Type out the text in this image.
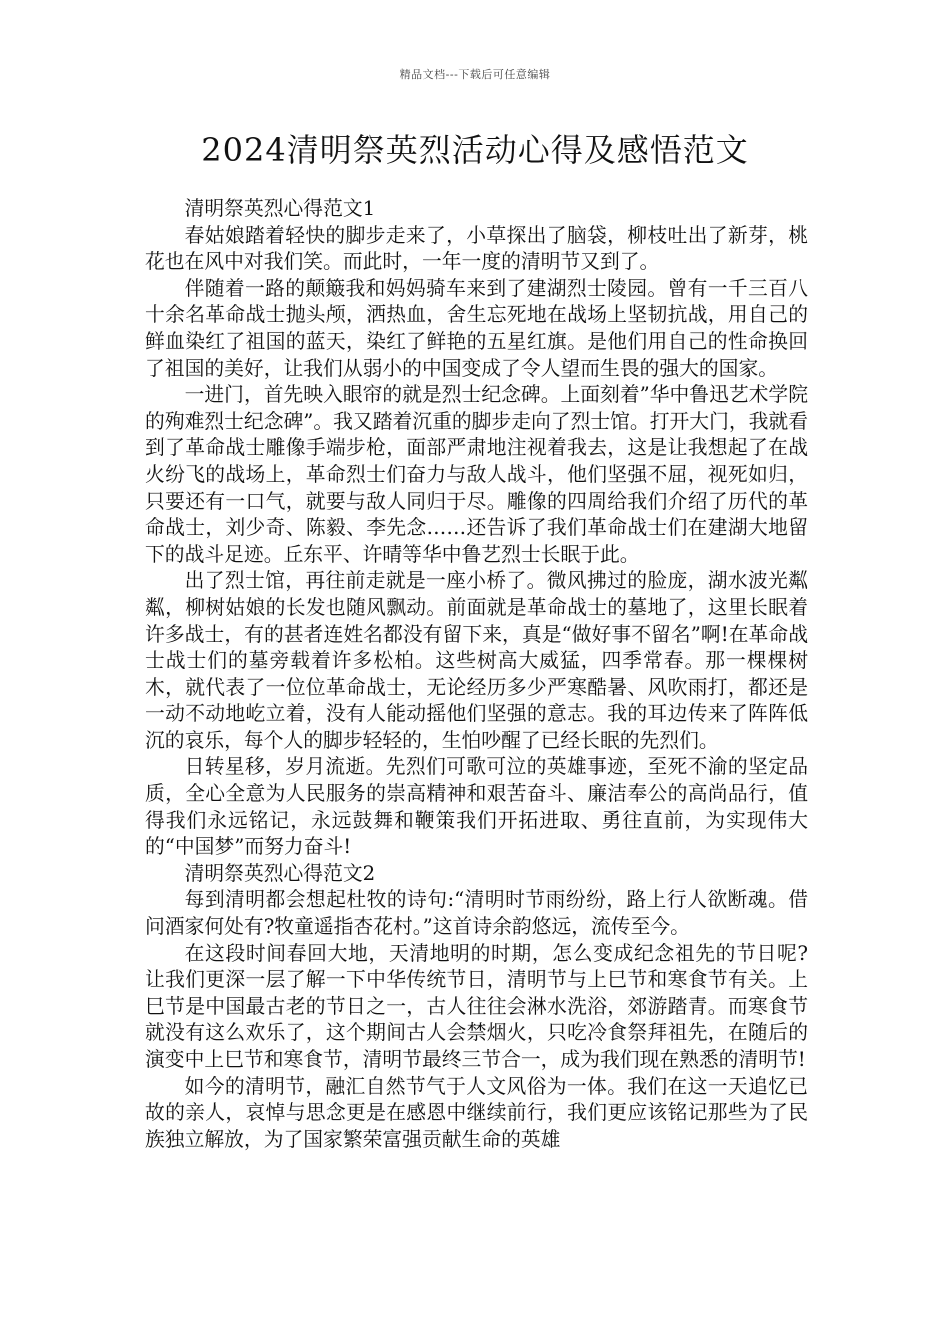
精品文档---下载后可任意编辑
2024清明祭英烈活动心得及感悟范文

清明祭英烈心得范文1

春姑娘踏着轻快的脚步走来了，小草探出了脑袋，柳枝吐出了新芽，桃花也在风中对我们笑。而此时，一年一度的清明节又到了。

伴随着一路的颠簸我和妈妈骑车来到了建湖烈士陵园。曾有一千三百八十余名革命战士抛头颅，洒热血，舍生忘死地在战场上坚韧抗战，用自己的鲜血染红了祖国的蓝天，染红了鲜艳的五星红旗。是他们用自己的性命换回了祖国的美好，让我们从弱小的中国变成了令人望而生畏的强大的国家。

一进门，首先映入眼帘的就是烈士纪念碑。上面刻着”华中鲁迅艺术学院的殉难烈士纪念碑”。我又踏着沉重的脚步走向了烈士馆。打开大门，我就看到了革命战士雕像手端步枪，面部严肃地注视着我去，这是让我想起了在战火纷飞的战场上，革命烈士们奋力与敌人战斗，他们坚强不屈，视死如归，只要还有一口气，就要与敌人同归于尽。雕像的四周给我们介绍了历代的革命战士，刘少奇、陈毅、李先念……还告诉了我们革命战士们在建湖大地留下的战斗足迹。丘东平、许晴等华中鲁艺烈士长眠于此。

出了烈士馆，再往前走就是一座小桥了。微风拂过的脸庞，湖水波光粼粼，柳树姑娘的长发也随风飘动。前面就是革命战士的墓地了，这里长眠着许多战士，有的甚者连姓名都没有留下来，真是“做好事不留名”啊!在革命战士战士们的墓旁载着许多松柏。这些树高大威猛，四季常春。那一棵棵树木，就代表了一位位革命战士，无论经历多少严寒酷暑、风吹雨打，都还是一动不动地屹立着，没有人能动摇他们坚强的意志。我的耳边传来了阵阵低沉的哀乐，每个人的脚步轻轻的，生怕吵醒了已经长眠的先烈们。

日转星移，岁月流逝。先烈们可歌可泣的英雄事迹，至死不渝的坚定品质，全心全意为人民服务的崇高精神和艰苦奋斗、廉洁奉公的高尚品行，值得我们永远铭记，永远鼓舞和鞭策我们开拓进取、勇往直前，为实现伟大的“中国梦”而努力奋斗!

清明祭英烈心得范文2

每到清明都会想起杜牧的诗句:“清明时节雨纷纷，路上行人欲断魂。借问酒家何处有?牧童遥指杏花村。”这首诗余韵悠远，流传至今。

在这段时间春回大地，天清地明的时期，怎么变成纪念祖先的节日呢?让我们更深一层了解一下中华传统节日，清明节与上巳节和寒食节有关。上巳节是中国最古老的节日之一，古人往往会淋水洗浴，郊游踏青。而寒食节就没有这么欢乐了，这个期间古人会禁烟火，只吃冷食祭拜祖先，在随后的演变中上巳节和寒食节，清明节最终三节合一，成为我们现在熟悉的清明节!

如今的清明节，融汇自然节气于人文风俗为一体。我们在这一天追忆已故的亲人，哀悼与思念更是在感恩中继续前行，我们更应该铭记那些为了民族独立解放，为了国家繁荣富强贡献生命的英雄
